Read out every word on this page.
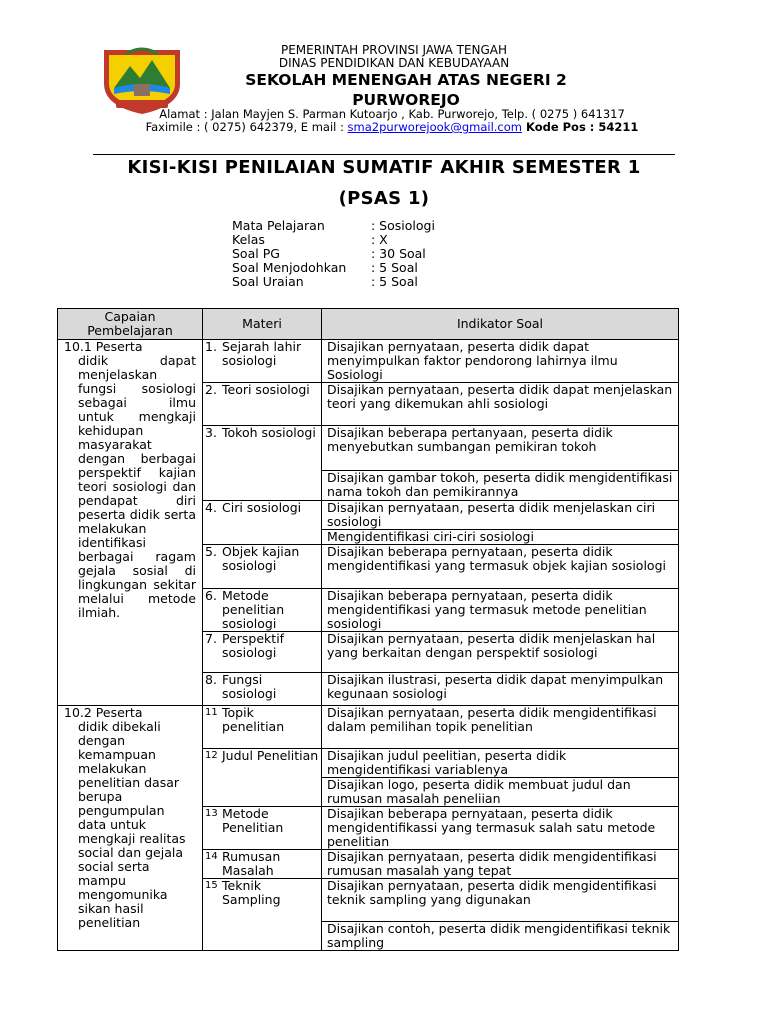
PEMERINTAH PROVINSI JAWA TENGAH
DINAS PENDIDIKAN DAN KEBUDAYAAN
SEKOLAH MENENGAH ATAS NEGERI 2
PURWOREJO
Alamat : Jalan Mayjen S. Parman Kutoarjo , Kab. Purworejo, Telp. ( 0275 ) 641317
Faximile : ( 0275) 642379, E mail : sma2purworejook@gmail.com Kode Pos : 54211
KISI-KISI PENILAIAN SUMATIF AKHIR SEMESTER 1
(PSAS 1)
Mata Pelajaran	: Sosiologi
Kelas	: X
Soal PG	: 30 Soal
Soal Menjodohkan	: 5 Soal
Soal Uraian	: 5 Soal
Capaian Pembelajaran	Materi	Indikator Soal

10.1 Peserta
didik dapat menjelaskan fungsi sosiologi sebagai ilmu untuk mengkaji kehidupan masyarakat dengan berbagai perspektif kajian teori sosiologi dan pendapat diri peserta didik serta melakukan identifikasi berbagai ragam gejala sosial di lingkungan sekitar melalui metode ilmiah.	1. Sejarah lahir sosiologi	Disajikan pernyataan, peserta didik dapat menyimpulkan faktor pendorong lahirnya ilmu Sosiologi

	2. Teori sosiologi	Disajikan pernyataan, peserta didik dapat menjelaskan teori yang dikemukan ahli sosiologi

	3. Tokoh sosiologi	Disajikan beberapa pertanyaan, peserta didik menyebutkan sumbangan pemikiran tokoh
		Disajikan gambar tokoh, peserta didik mengidentifikasi nama tokoh dan pemikirannya

	4. Ciri sosiologi	Disajikan pernyataan, peserta didik menjelaskan ciri sosiologi
		Mengidentifikasi ciri-ciri sosiologi

	5. Objek kajian sosiologi	Disajikan beberapa pernyataan, peserta didik mengidentifikasi yang termasuk objek kajian sosiologi

	6. Metode penelitian sosiologi	Disajikan beberapa pernyataan, peserta didik mengidentifikasi yang termasuk metode penelitian sosiologi

	7. Perspektif sosiologi	Disajikan pernyataan, peserta didik menjelaskan hal yang berkaitan dengan perspektif sosiologi

	8. Fungsi sosiologi	Disajikan ilustrasi, peserta didik dapat menyimpulkan kegunaan sosiologi

10.2 Peserta
didik dibekali dengan kemampuan melakukan penelitian dasar berupa pengumpulan data untuk mengkaji realitas social dan gejala social serta mampu mengomunika sikan hasil penelitian	11 Topik penelitian	Disajikan pernyataan, peserta didik mengidentifikasi dalam pemilihan topik penelitian

	12 Judul Penelitian	Disajikan judul peelitian, peserta didik mengidentifikasi variablenya
		Disajikan logo, peserta didik membuat judul dan rumusan masalah peneliian

	13 Metode Penelitian	Disajikan beberapa pernyataan, peserta didik mengidentifikassi yang termasuk salah satu metode penelitian

	14 Rumusan Masalah	Disajikan pernyataan, peserta didik mengidentifikasi rumusan masalah yang tepat

	15 Teknik Sampling	Disajikan pernyataan, peserta didik mengidentifikasi teknik sampling yang digunakan
		Disajikan contoh, peserta didik mengidentifikasi teknik sampling
